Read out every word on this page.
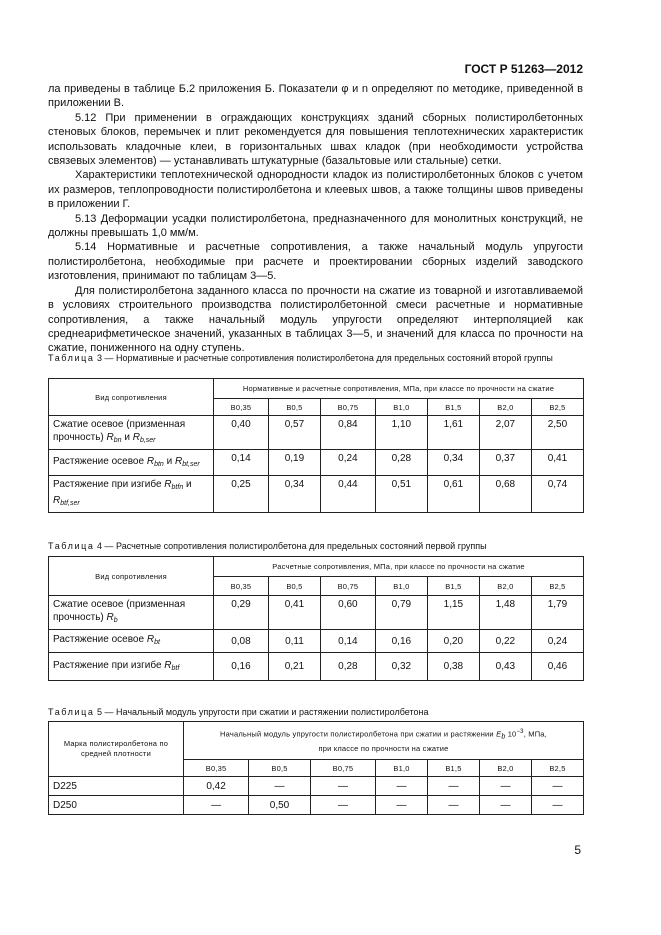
ГОСТ Р 51263—2012

ла приведены в таблице Б.2 приложения Б. Показатели φ и n определяют по методике, приведенной в приложении В.

5.12 При применении в ограждающих конструкциях зданий сборных полистиролбетонных стеновых блоков, перемычек и плит рекомендуется для повышения теплотехнических характеристик использовать кладочные клеи, в горизонтальных швах кладок (при необходимости устройства связевых элементов) — устанавливать штукатурные (базальтовые или стальные) сетки.

Характеристики теплотехнической однородности кладок из полистиролбетонных блоков с учетом их размеров, теплопроводности полистиролбетона и клеевых швов, а также толщины швов приведены в приложении Г.

5.13 Деформации усадки полистиролбетона, предназначенного для монолитных конструкций, не должны превышать 1,0 мм/м.

5.14 Нормативные и расчетные сопротивления, а также начальный модуль упругости полистиролбетона, необходимые при расчете и проектировании сборных изделий заводского изготовления, принимают по таблицам 3—5.

Для полистиролбетона заданного класса по прочности на сжатие из товарной и изготавливаемой в условиях строительного производства полистиролбетонной смеси расчетные и нормативные сопротивления, а также начальный модуль упругости определяют интерполяцией как среднеарифметическое значений, указанных в таблицах 3—5, и значений для класса по прочности на сжатие, пониженного на одну ступень.

Таблица 3 — Нормативные и расчетные сопротивления полистиролбетона для предельных состояний второй группы
Вид сопротивления	Нормативные и расчетные сопротивления, МПа, при классе по прочности на сжатие						
	В0,35	В0,5	В0,75	В1,0	В1,5	В2,0	В2,5
Сжатие осевое (призменная прочность) $R_{bn}$ и $R_{b,ser}$	0,40	0,57	0,84	1,10	1,61	2,07	2,50
Растяжение осевое $R_{btn}$ и $R_{bt,ser}$	0,14	0,19	0,24	0,28	0,34	0,37	0,41
Растяжение при изгибе $R_{btfn}$ и $R_{btf,ser}$	0,25	0,34	0,44	0,51	0,61	0,68	0,74
Таблица 4 — Расчетные сопротивления полистиролбетона для предельных состояний первой группы
Вид сопротивления	Расчетные сопротивления, МПа, при классе по прочности на сжатие						
	В0,35	В0,5	В0,75	В1,0	В1,5	В2,0	В2,5
Сжатие осевое (призменная прочность) $R_b$	0,29	0,41	0,60	0,79	1,15	1,48	1,79
Растяжение осевое $R_{bt}$	0,08	0,11	0,14	0,16	0,20	0,22	0,24
Растяжение при изгибе $R_{btf}$	0,16	0,21	0,28	0,32	0,38	0,43	0,46
Таблица 5 — Начальный модуль упругости при сжатии и растяжении полистиролбетона
Марка полистиролбетона по средней плотности	Начальный модуль упругости полистиролбетона при сжатии и растяжении Eb $10^{-3}$, МПа,
при классе по прочности на сжатие						
	В0,35	В0,5	В0,75	В1,0	В1,5	В2,0	В2,5
D225	0,42	—	—	—	—	—	—
D250	—	0,50	—	—	—	—	—
5
